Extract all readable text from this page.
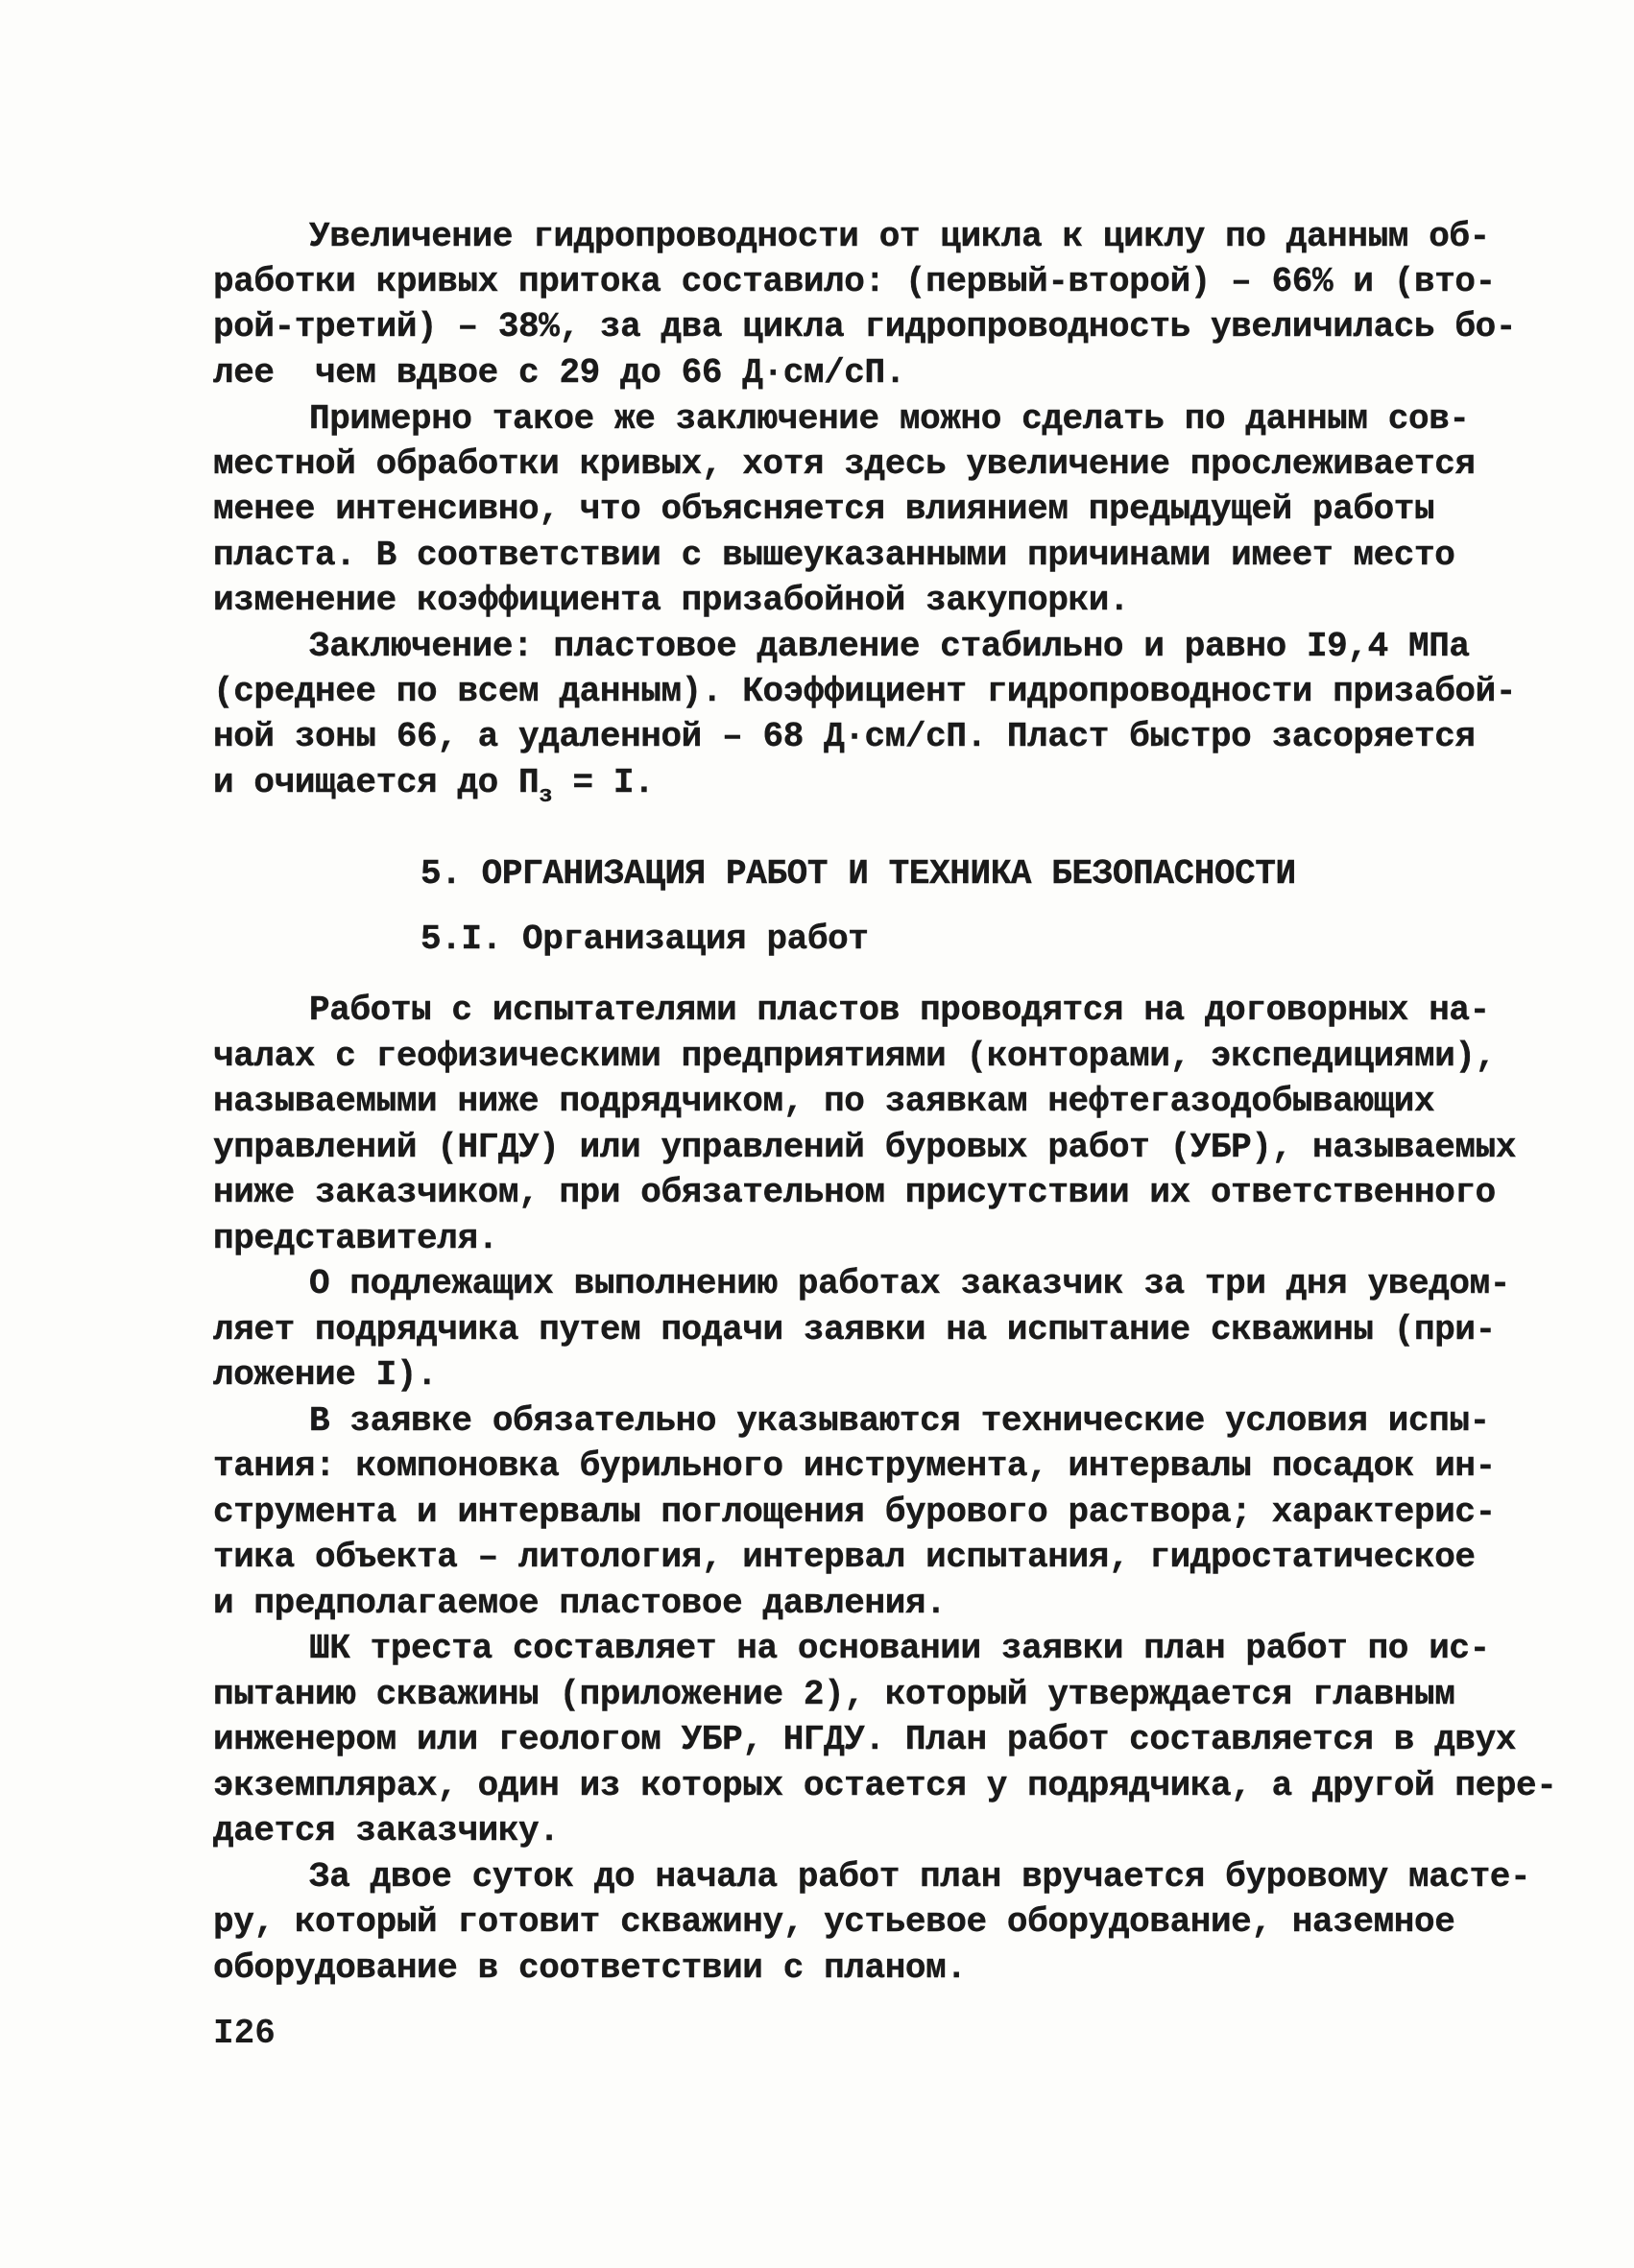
Увеличение гидропроводности от цикла к циклу по данным об-
работки кривых притока составило: (первый-второй) – 66% и (вто-
рой-третий) – 38%, за два цикла гидропроводность увеличилась бо-
лее  чем вдвое с 29 до 66 Д·см/сП.
Примерно такое же заключение можно сделать по данным сов-
местной обработки кривых, хотя здесь увеличение прослеживается
менее интенсивно, что объясняется влиянием предыдущей работы
пласта. В соответствии с вышеуказанными причинами имеет место
изменение коэффициента призабойной закупорки.
Заключение: пластовое давление стабильно и равно I9,4 МПа
(среднее по всем данным). Коэффициент гидропроводности призабой-
ной зоны 66, а удаленной – 68 Д·см/сП. Пласт быстро засоряется
и очищается до $П_з = I$.
5. ОРГАНИЗАЦИЯ РАБОТ И ТЕХНИКА БЕЗОПАСНОСТИ
5.I. Организация работ
Работы с испытателями пластов проводятся на договорных на-
чалах с геофизическими предприятиями (конторами, экспедициями),
называемыми ниже подрядчиком, по заявкам нефтегазодобывающих
управлений (НГДУ) или управлений буровых работ (УБР), называемых
ниже заказчиком, при обязательном присутствии их ответственного
представителя.
О подлежащих выполнению работах заказчик за три дня уведом-
ляет подрядчика путем подачи заявки на испытание скважины (при-
ложение I).
В заявке обязательно указываются технические условия испы-
тания: компоновка бурильного инструмента, интервалы посадок ин-
струмента и интервалы поглощения бурового раствора; характерис-
тика объекта – литология, интервал испытания, гидростатическое
и предполагаемое пластовое давления.
ШК треста составляет на основании заявки план работ по ис-
пытанию скважины (приложение 2), который утверждается главным
инженером или геологом УБР, НГДУ. План работ составляется в двух
экземплярах, один из которых остается у подрядчика, а другой пере-
дается заказчику.
За двое суток до начала работ план вручается буровому масте-
ру, который готовит скважину, устьевое оборудование, наземное
оборудование в соответствии с планом.
I26
